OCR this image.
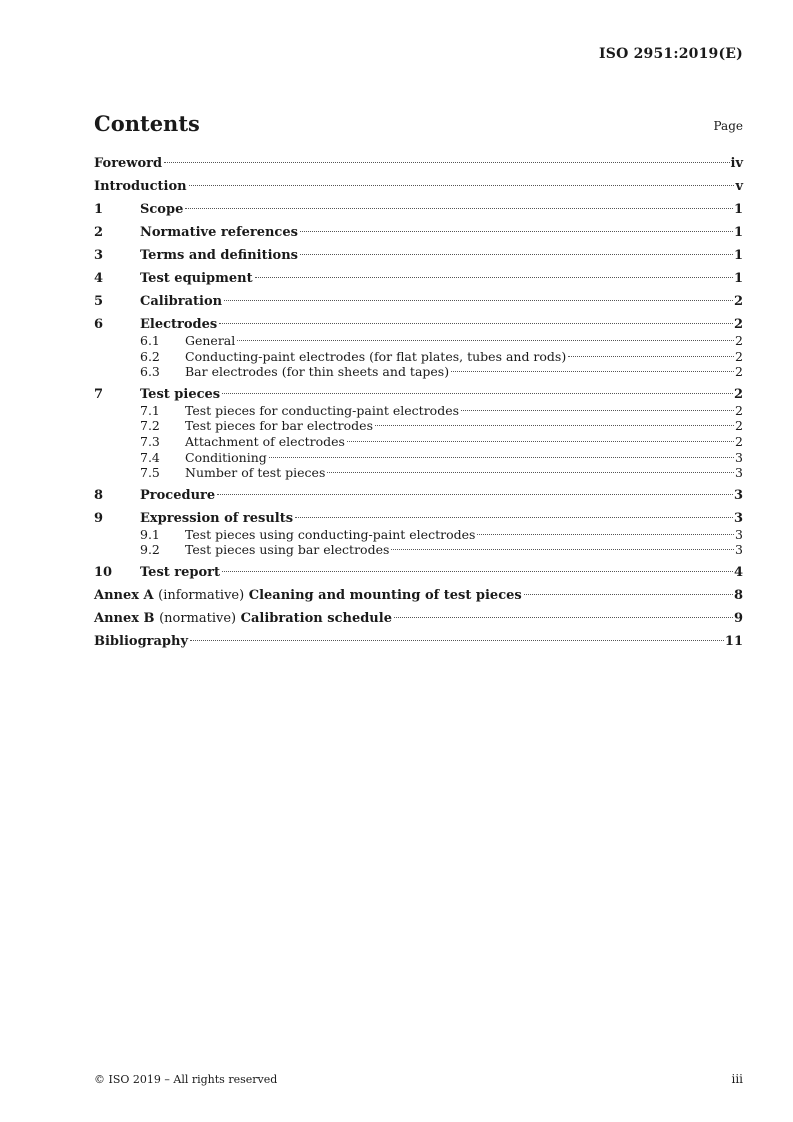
ISO 2951:2019(E)
Contents	Page
Foreword	iv
Introduction	v
1	Scope	1
2	Normative references	1
3	Terms and definitions	1
4	Test equipment	1
5	Calibration	2
6	Electrodes	2
6.1 General	2
6.2 Conducting-paint electrodes (for flat plates, tubes and rods)	2
6.3 Bar electrodes (for thin sheets and tapes)	2
7	Test pieces	2
7.1 Test pieces for conducting-paint electrodes	2
7.2 Test pieces for bar electrodes	2
7.3 Attachment of electrodes	2
7.4 Conditioning	3
7.5 Number of test pieces	3
8	Procedure	3
9	Expression of results	3
9.1 Test pieces using conducting-paint electrodes	3
9.2 Test pieces using bar electrodes	3
10 Test report	4
Annex A (informative) Cleaning and mounting of test pieces	8
Annex B (normative) Calibration schedule	9
Bibliography	11
© ISO 2019 – All rights reserved	iii
